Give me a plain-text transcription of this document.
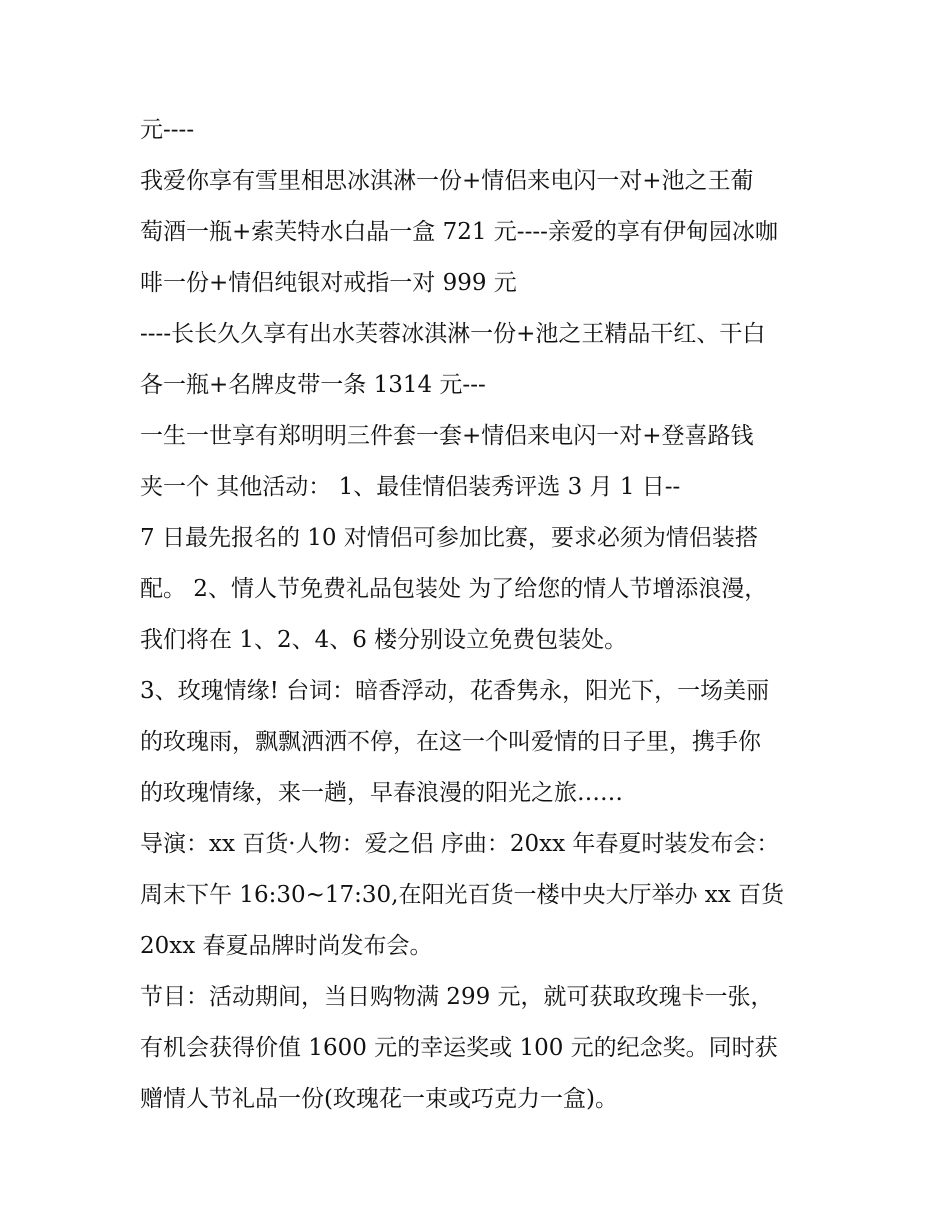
元----
我爱你享有雪里相思冰淇淋一份+情侣来电闪一对+池之王葡
萄酒一瓶+索芙特水白晶一盒 721 元----亲爱的享有伊甸园冰咖
啡一份+情侣纯银对戒指一对 999 元
----长长久久享有出水芙蓉冰淇淋一份+池之王精品干红、干白
各一瓶+名牌皮带一条 1314 元---
一生一世享有郑明明三件套一套+情侣来电闪一对+登喜路钱
夹一个 其他活动： 1、最佳情侣装秀评选 3 月 1 日--
7 日最先报名的 10 对情侣可参加比赛，要求必须为情侣装搭
配。 2、情人节免费礼品包装处 为了给您的情人节增添浪漫，
我们将在 1、2、4、6 楼分别设立免费包装处。
3、玫瑰情缘! 台词：暗香浮动，花香隽永，阳光下，一场美丽
的玫瑰雨，飘飘洒洒不停，在这一个叫爱情的日子里，携手你
的玫瑰情缘，来一趟，早春浪漫的阳光之旅……
导演：xx 百货·人物：爱之侣 序曲：20xx 年春夏时装发布会：
周末下午 16:30~17:30,在阳光百货一楼中央大厅举办 xx 百货
20xx 春夏品牌时尚发布会。
节目：活动期间，当日购物满 299 元，就可获取玫瑰卡一张，
有机会获得价值 1600 元的幸运奖或 100 元的纪念奖。同时获
赠情人节礼品一份(玫瑰花一束或巧克力一盒)。
